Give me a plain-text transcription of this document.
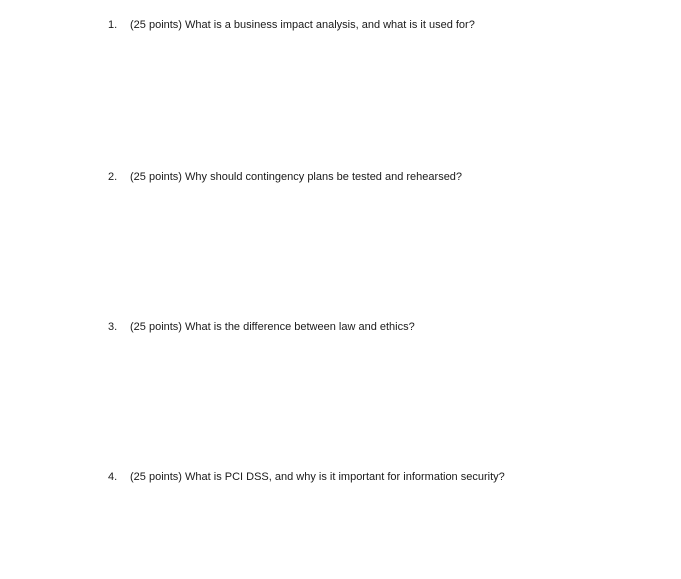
1.	(25 points) What is a business impact analysis, and what is it used for?
2.	(25 points) Why should contingency plans be tested and rehearsed?
3.	(25 points) What is the difference between law and ethics?
4.	(25 points) What is PCI DSS, and why is it important for information security?
